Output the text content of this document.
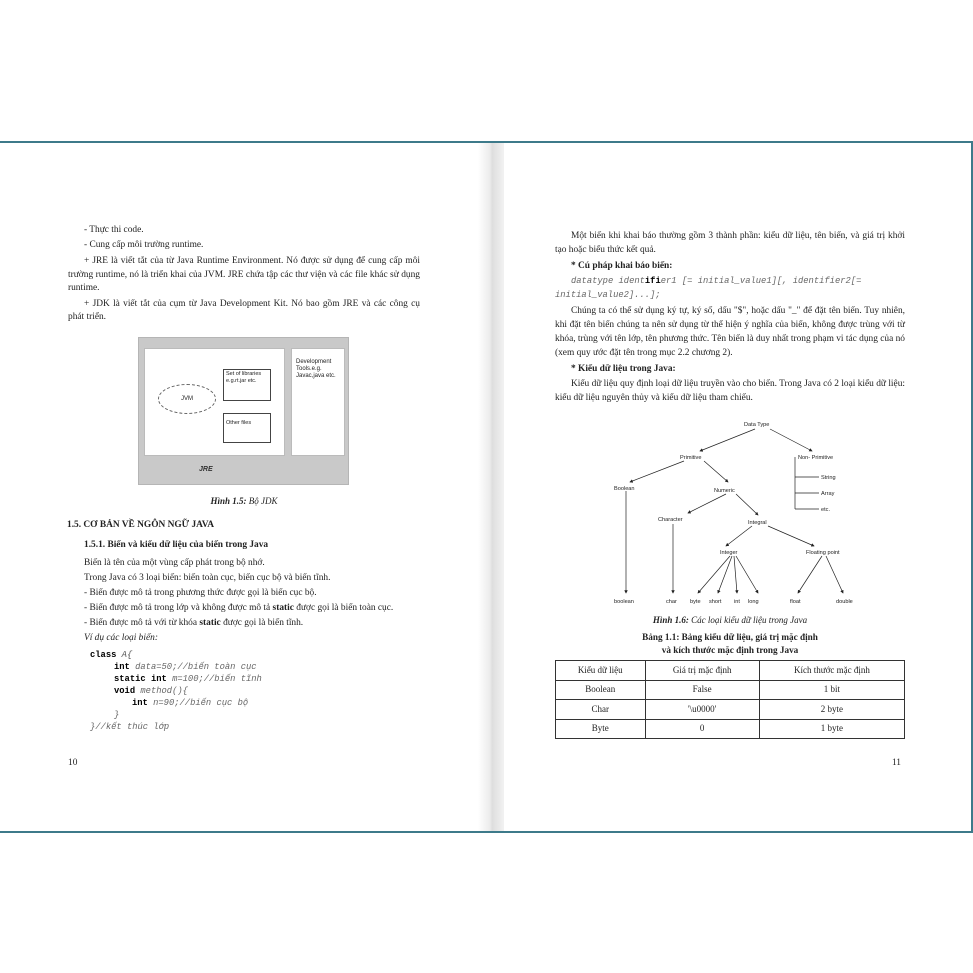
- Thực thi code.

- Cung cấp môi trường runtime.

+ JRE là viết tắt của từ Java Runtime Environment. Nó được sử dụng để cung cấp môi trường runtime, nó là triển khai của JVM. JRE chứa tập các thư viện và các file khác sử dụng runtime.

+ JDK là viết tắt của cụm từ Java Development Kit. Nó bao gồm JRE và các công cụ phát triển.

JVM
Set of libraries e.g.rt.jar etc.
Other files
Development Tools.e.g. Javac,java etc.
JRE

Hình 1.5: Bộ JDK

1.5. CƠ BẢN VỀ NGÔN NGỮ JAVA

1.5.1. Biến và kiểu dữ liệu của biến trong Java

Biến là tên của một vùng cấp phát trong bộ nhớ.

Trong Java có 3 loại biến: biến toàn cục, biến cục bộ và biến tĩnh.

- Biến được mô tả trong phương thức được gọi là biến cục bộ.

- Biến được mô tả trong lớp và không được mô tả static được gọi là biến toàn cục.

- Biến được mô tả với từ khóa static được gọi là biến tĩnh.

Ví dụ các loại biến:

class A{
int data=50;//biến toàn cục
static int m=100;//biến tĩnh
void method(){
int n=90;//biến cục bộ
}
}//kết thúc lớp
10

Một biến khi khai báo thường gồm 3 thành phần: kiểu dữ liệu, tên biến, và giá trị khởi tạo hoặc biểu thức kết quả.

* Cú pháp khai báo biến:

datatype identifier1 [= initial_value1][, identifier2[= initial_value2]...];

Chúng ta có thể sử dụng ký tự, ký số, dấu "$", hoặc dấu "_" để đặt tên biến. Tuy nhiên, khi đặt tên biến chúng ta nên sử dụng từ thể hiện ý nghĩa của biến, không được trùng với từ khóa, trùng với tên lớp, tên phương thức. Tên biến là duy nhất trong phạm vi tác dụng của nó (xem quy ước đặt tên trong mục 2.2 chương 2).

* Kiểu dữ liệu trong Java:

Kiểu dữ liệu quy định loại dữ liệu truyền vào cho biến. Trong Java có 2 loại kiểu dữ liệu: kiểu dữ liệu nguyên thủy và kiểu dữ liệu tham chiếu.

Data Type
Primitive	Non- Primitive
String
Array
etc.
Boolean	Numeric
Character	Integral
Integer	Floating point
boolean	char byte short int long	float	double

Hình 1.6: Các loại kiểu dữ liệu trong Java

Bảng 1.1: Bảng kiểu dữ liệu, giá trị mặc định
và kích thước mặc định trong Java

Kiểu dữ liệu	Giá trị mặc định	Kích thước mặc định
Boolean	False	1 bit
Char	'\u0000'	2 byte
Byte	0	1 byte
11
